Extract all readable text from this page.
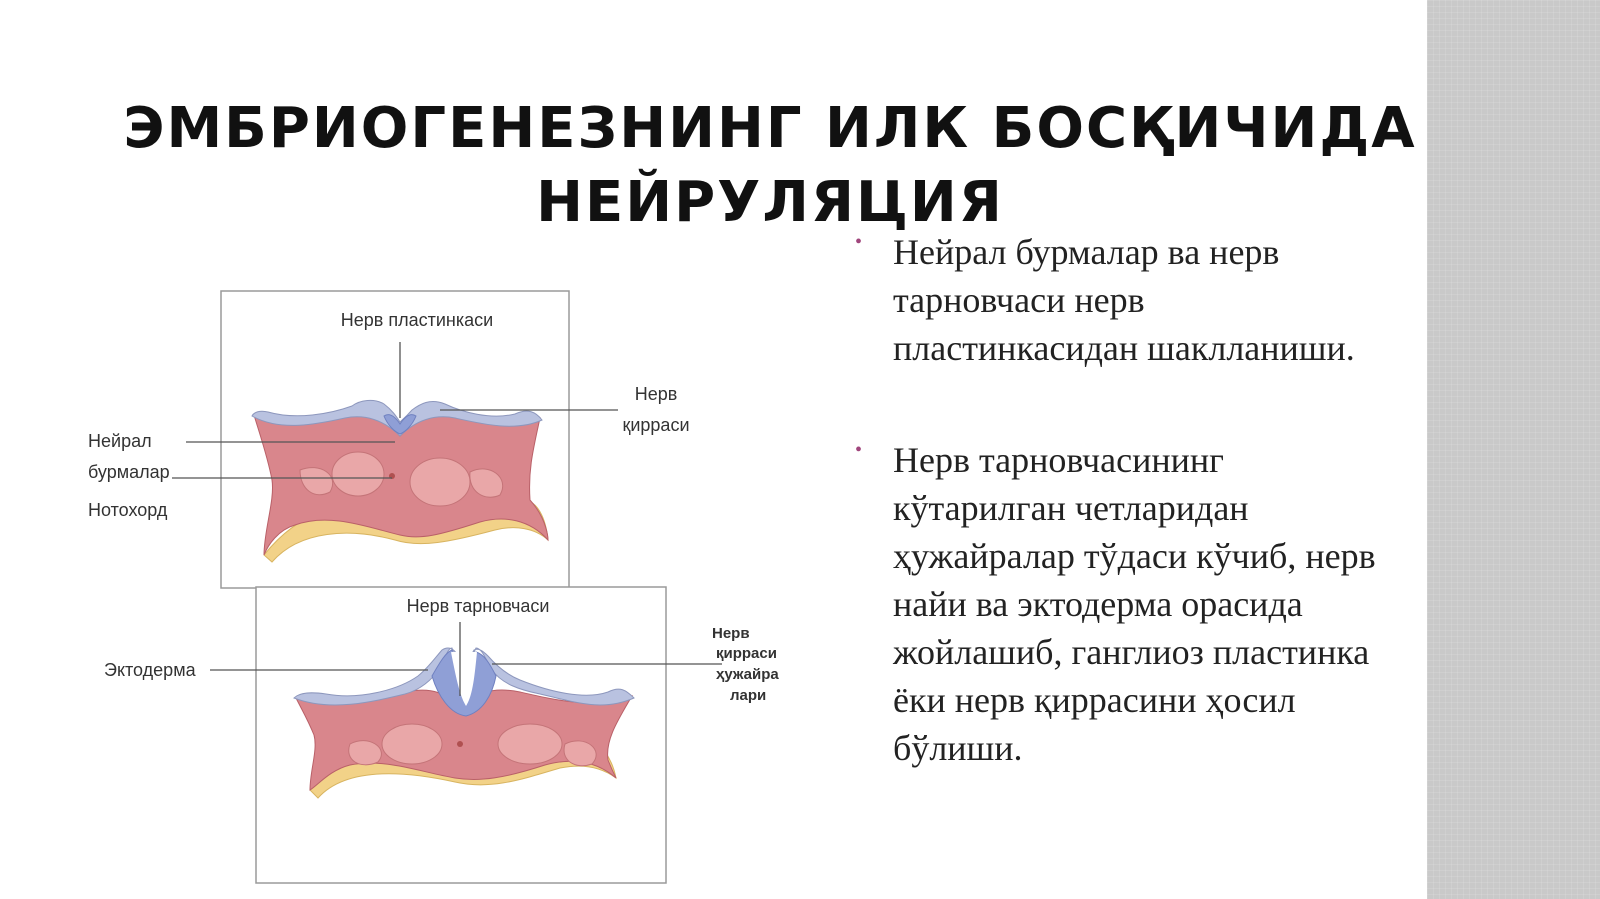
ЭМБРИОГЕНЕЗНИНГ ИЛК БОСҚИЧИДА
НЕЙРУЛЯЦИЯ
• Нейрал бурмалар ва нерв тарновчаси нерв пластинкасидан шаклланиши.
• Нерв тарновчасининг кўтарилган четларидан ҳужайралар тўдаси кўчиб, нерв найи ва эктодерма орасида жойлашиб, ганглиоз пластинка ёки нерв қиррасини ҳосил бўлиши.
Нерв пластинкаси
Нерв
қирраси
Нейрал
бурмалар
Нотохорд
Нерв тарновчаси
Эктодерма
Нерв
қирраси
ҳужайра
лари
